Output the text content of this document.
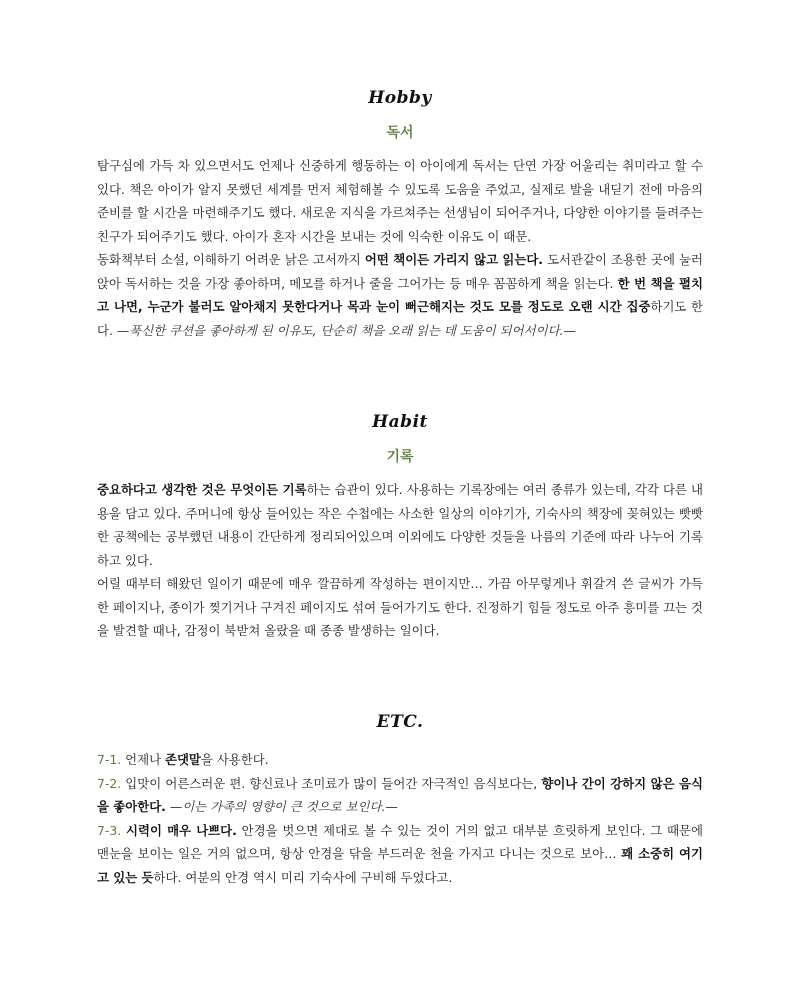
Hobby
독서

탐구심에 가득 차 있으면서도 언제나 신중하게 행동하는 이 아이에게 독서는 단연 가장 어울리는 취미라고 할 수 있다. 책은 아이가 알지 못했던 세계를 먼저 체험해볼 수 있도록 도움을 주었고, 실제로 발을 내딛기 전에 마음의 준비를 할 시간을 마련해주기도 했다. 새로운 지식을 가르쳐주는 선생님이 되어주거나, 다양한 이야기를 들려주는 친구가 되어주기도 했다. 아이가 혼자 시간을 보내는 것에 익숙한 이유도 이 때문.

동화책부터 소설, 이해하기 어려운 낡은 고서까지 어떤 책이든 가리지 않고 읽는다. 도서관같이 조용한 곳에 눌러앉아 독서하는 것을 가장 좋아하며, 메모를 하거나 줄을 그어가는 등 매우 꼼꼼하게 책을 읽는다. 한 번 책을 펼치고 나면, 누군가 불러도 알아채지 못한다거나 목과 눈이 뻐근해지는 것도 모를 정도로 오랜 시간 집중하기도 한다. —푹신한 쿠션을 좋아하게 된 이유도, 단순히 책을 오래 읽는 데 도움이 되어서이다.—

Habit
기록

중요하다고 생각한 것은 무엇이든 기록하는 습관이 있다. 사용하는 기록장에는 여러 종류가 있는데, 각각 다른 내용을 담고 있다. 주머니에 항상 들어있는 작은 수첩에는 사소한 일상의 이야기가, 기숙사의 책장에 꽂혀있는 빳빳한 공책에는 공부했던 내용이 간단하게 정리되어있으며 이외에도 다양한 것들을 나름의 기준에 따라 나누어 기록하고 있다.

어릴 때부터 해왔던 일이기 때문에 매우 깔끔하게 작성하는 편이지만… 가끔 아무렇게나 휘갈겨 쓴 글씨가 가득한 페이지나, 종이가 찢기거나 구겨진 페이지도 섞여 들어가기도 한다. 진정하기 힘들 정도로 아주 흥미를 끄는 것을 발견할 때나, 감정이 북받쳐 올랐을 때 종종 발생하는 일이다.

ETC.

7-1. 언제나 존댓말을 사용한다.

7-2. 입맛이 어른스러운 편. 향신료나 조미료가 많이 들어간 자극적인 음식보다는, 향이나 간이 강하지 않은 음식을 좋아한다. —이는 가족의 영향이 큰 것으로 보인다.—

7-3. 시력이 매우 나쁘다. 안경을 벗으면 제대로 볼 수 있는 것이 거의 없고 대부분 흐릿하게 보인다. 그 때문에 맨눈을 보이는 일은 거의 없으며, 항상 안경을 닦을 부드러운 천을 가지고 다니는 것으로 보아… 꽤 소중히 여기고 있는 듯하다. 여분의 안경 역시 미리 기숙사에 구비해 두었다고.
